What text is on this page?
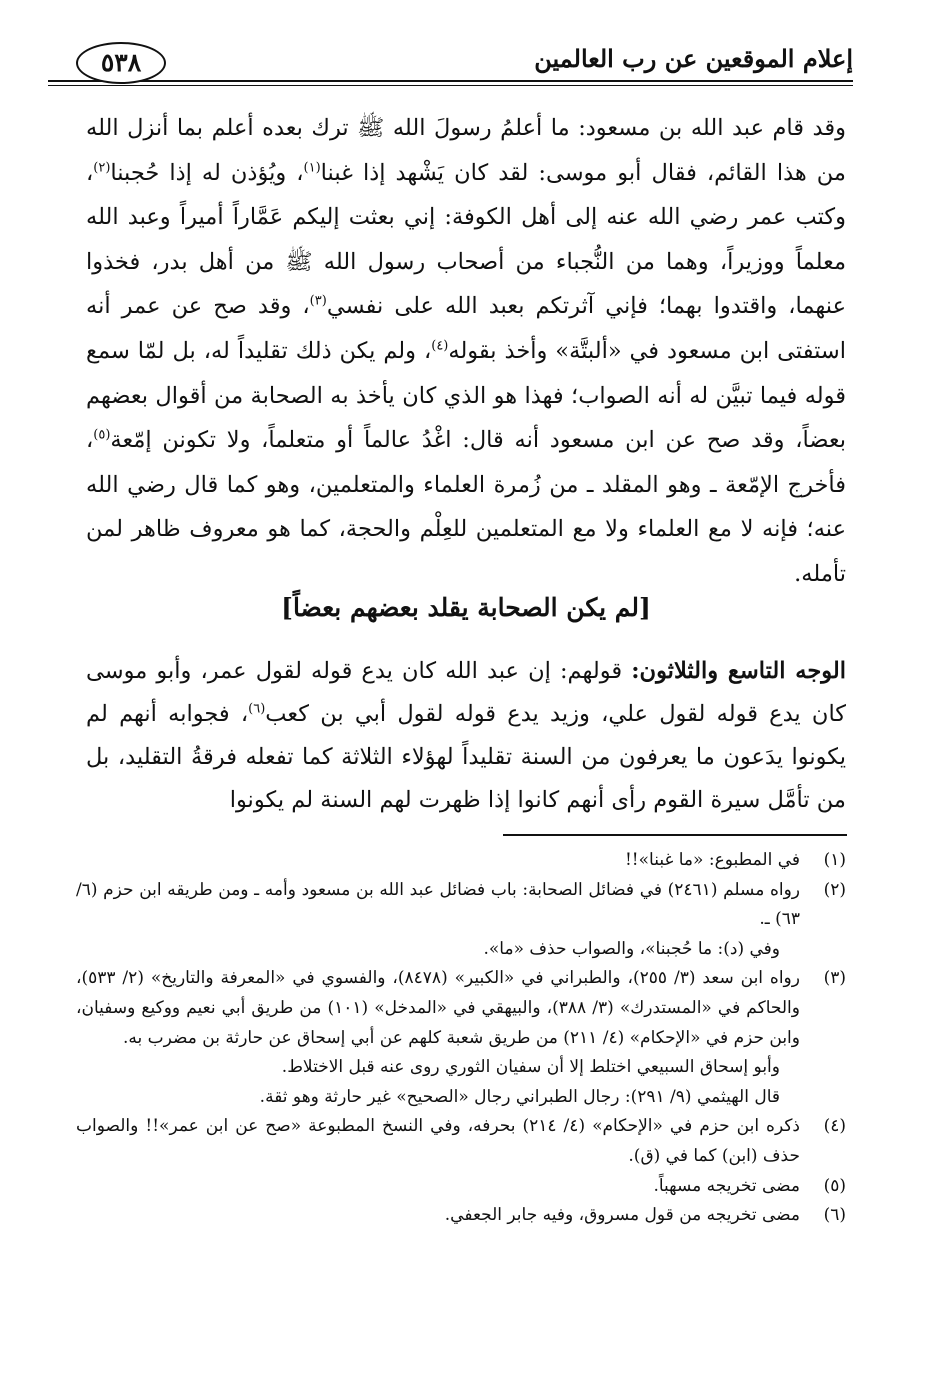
إعلام الموقعين عن رب العالمين
٥٣٨

وقد قام عبد الله بن مسعود: ما أعلمُ رسولَ الله ﷺ ترك بعده أعلم بما أنزل الله من هذا القائم، فقال أبو موسى: لقد كان يَشْهد إذا غبنا$^{(١)}$، ويُؤذن له إذا حُجبنا$^{(٢)}$، وكتب عمر رضي الله عنه إلى أهل الكوفة: إني بعثت إليكم عَمَّاراً أميراً وعبد الله معلماً ووزيراً، وهما من النُّجباء من أصحاب رسول الله ﷺ من أهل بدر، فخذوا عنهما، واقتدوا بهما؛ فإني آثرتكم بعبد الله على نفسي$^{(٣)}$، وقد صح عن عمر أنه استفتى ابن مسعود في «ألبتَّة» وأخذ بقوله$^{(٤)}$، ولم يكن ذلك تقليداً له، بل لمّا سمع قوله فيما تبيَّن له أنه الصواب؛ فهذا هو الذي كان يأخذ به الصحابة من أقوال بعضهم بعضاً، وقد صح عن ابن مسعود أنه قال: اغْدُ عالماً أو متعلماً، ولا تكونن إمّعة$^{(٥)}$، فأخرج الإمّعة ـ وهو المقلد ـ من زُمرة العلماء والمتعلمين، وهو كما قال رضي الله عنه؛ فإنه لا مع العلماء ولا مع المتعلمين للعِلْم والحجة، كما هو معروف ظاهر لمن تأمله.

[لم يكن الصحابة يقلد بعضهم بعضاً]

الوجه التاسع والثلاثون: قولهم: إن عبد الله كان يدع قوله لقول عمر، وأبو موسى كان يدع قوله لقول علي، وزيد يدع قوله لقول أبي بن كعب$^{(٦)}$، فجوابه أنهم لم يكونوا يدَعون ما يعرفون من السنة تقليداً لهؤلاء الثلاثة كما تفعله فرقةُ التقليد، بل من تأمَّل سيرة القوم رأى أنهم كانوا إذا ظهرت لهم السنة لم يكونوا

(١)
في المطبوع: «ما غبنا»!!
(٢)
رواه مسلم (٢٤٦١) في فضائل الصحابة: باب فضائل عبد الله بن مسعود وأمه ـ ومن طريقه ابن حزم (٦/ ٦٣) ـ.
وفي (د): ما حُجبنا»، والصواب حذف «ما».
(٣)
رواه ابن سعد (٣/ ٢٥٥)، والطبراني في «الكبير» (٨٤٧٨)، والفسوي في «المعرفة والتاريخ» (٢/ ٥٣٣)، والحاكم في «المستدرك» (٣/ ٣٨٨)، والبيهقي في «المدخل» (١٠١) من طريق أبي نعيم ووكيع وسفيان، وابن حزم في «الإحكام» (٤/ ٢١١) من طريق شعبة كلهم عن أبي إسحاق عن حارثة بن مضرب به.
وأبو إسحاق السبيعي اختلط إلا أن سفيان الثوري روى عنه قبل الاختلاط.
قال الهيثمي (٩/ ٢٩١): رجال الطبراني رجال «الصحيح» غير حارثة وهو ثقة.
(٤)
ذكره ابن حزم في «الإحكام» (٤/ ٢١٤) بحرفه، وفي النسخ المطبوعة «صح عن ابن عمر»!! والصواب حذف (ابن) كما في (ق).
(٥)
مضى تخريجه مسهباً.
(٦)
مضى تخريجه من قول مسروق، وفيه جابر الجعفي.
